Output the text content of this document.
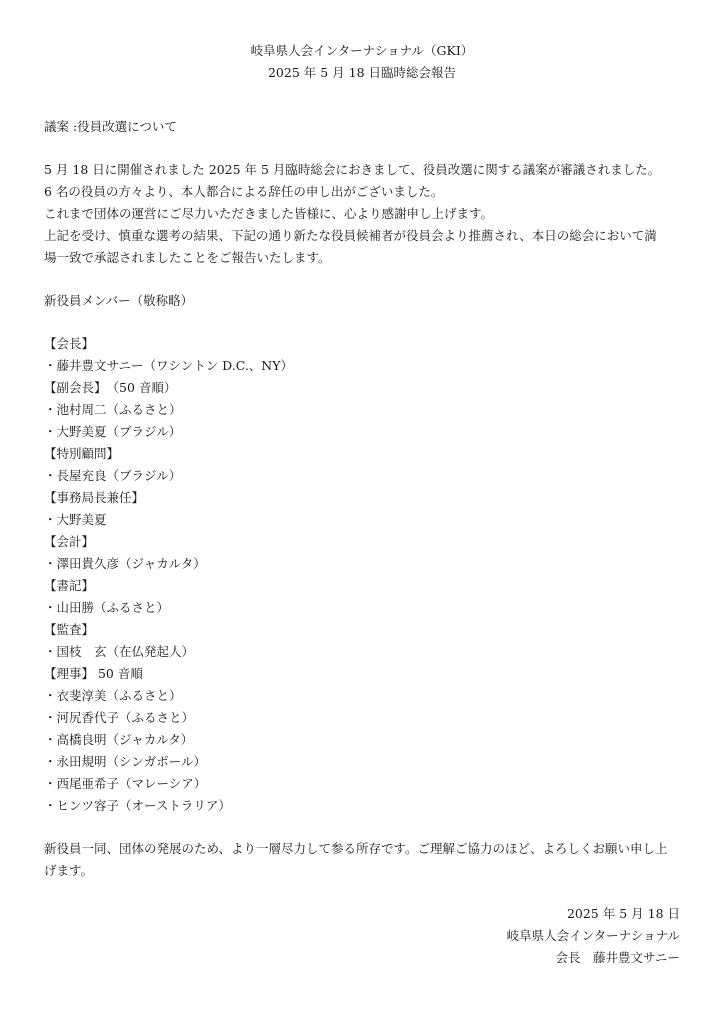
岐阜県人会インターナショナル（GKI）
2025 年 5 月 18 日臨時総会報告

議案 :役員改選について

5 月 18 日に開催されました 2025 年 5 月臨時総会におきまして、役員改選に関する議案が審議されました。

6 名の役員の方々より、本人都合による辞任の申し出がございました。

これまで団体の運営にご尽力いただきました皆様に、心より感謝申し上げます。

上記を受け、慎重な選考の結果、下記の通り新たな役員候補者が役員会より推薦され、本日の総会において満

場一致で承認されましたことをご報告いたします。

新役員メンバー（敬称略）

【会長】

・藤井豊文サニー（ワシントン D.C.、NY）

【副会長】　（50 音順）

・池村周二（ふるさと）

・大野美夏（ブラジル）

【特別顧問】

・長屋充良（ブラジル）

【事務局長兼任】

・大野美夏

【会計】

・澤田貴久彦（ジャカルタ）

【書記】

・山田勝（ふるさと）

【監査】

・国枝　玄（在仏発起人）

【理事】 50 音順

・衣斐淳美（ふるさと）

・河尻香代子（ふるさと）

・高橋良明（ジャカルタ）

・永田規明（シンガポール）

・西尾亜希子（マレーシア）

・ヒンツ容子（オーストラリア）

新役員一同、団体の発展のため、より一層尽力して参る所存です。ご理解ご協力のほど、よろしくお願い申し上

げます。

2025 年 5 月 18 日

岐阜県人会インターナショナル

会長　藤井豊文サニー
